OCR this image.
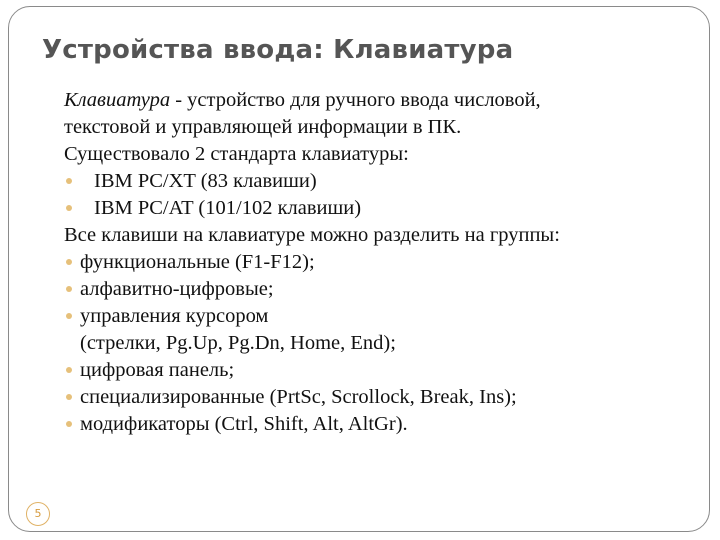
Устройства ввода: Клавиатура
Клавиатура - устройство для ручного ввода числовой,
текстовой и управляющей информации в ПК.
Существовало 2 стандарта клавиатуры:
IBM PC/XT (83 клавиши)
IBM PC/AT (101/102 клавиши)
Все клавиши на клавиатуре можно разделить на группы:
функциональные (F1-F12);
алфавитно-цифровые;
управления курсором
(стрелки, Pg.Up, Pg.Dn, Home, End);
цифровая панель;
специализированные (PrtSc, Scrollock, Break, Ins);
модификаторы (Ctrl, Shift, Alt, AltGr).
5
